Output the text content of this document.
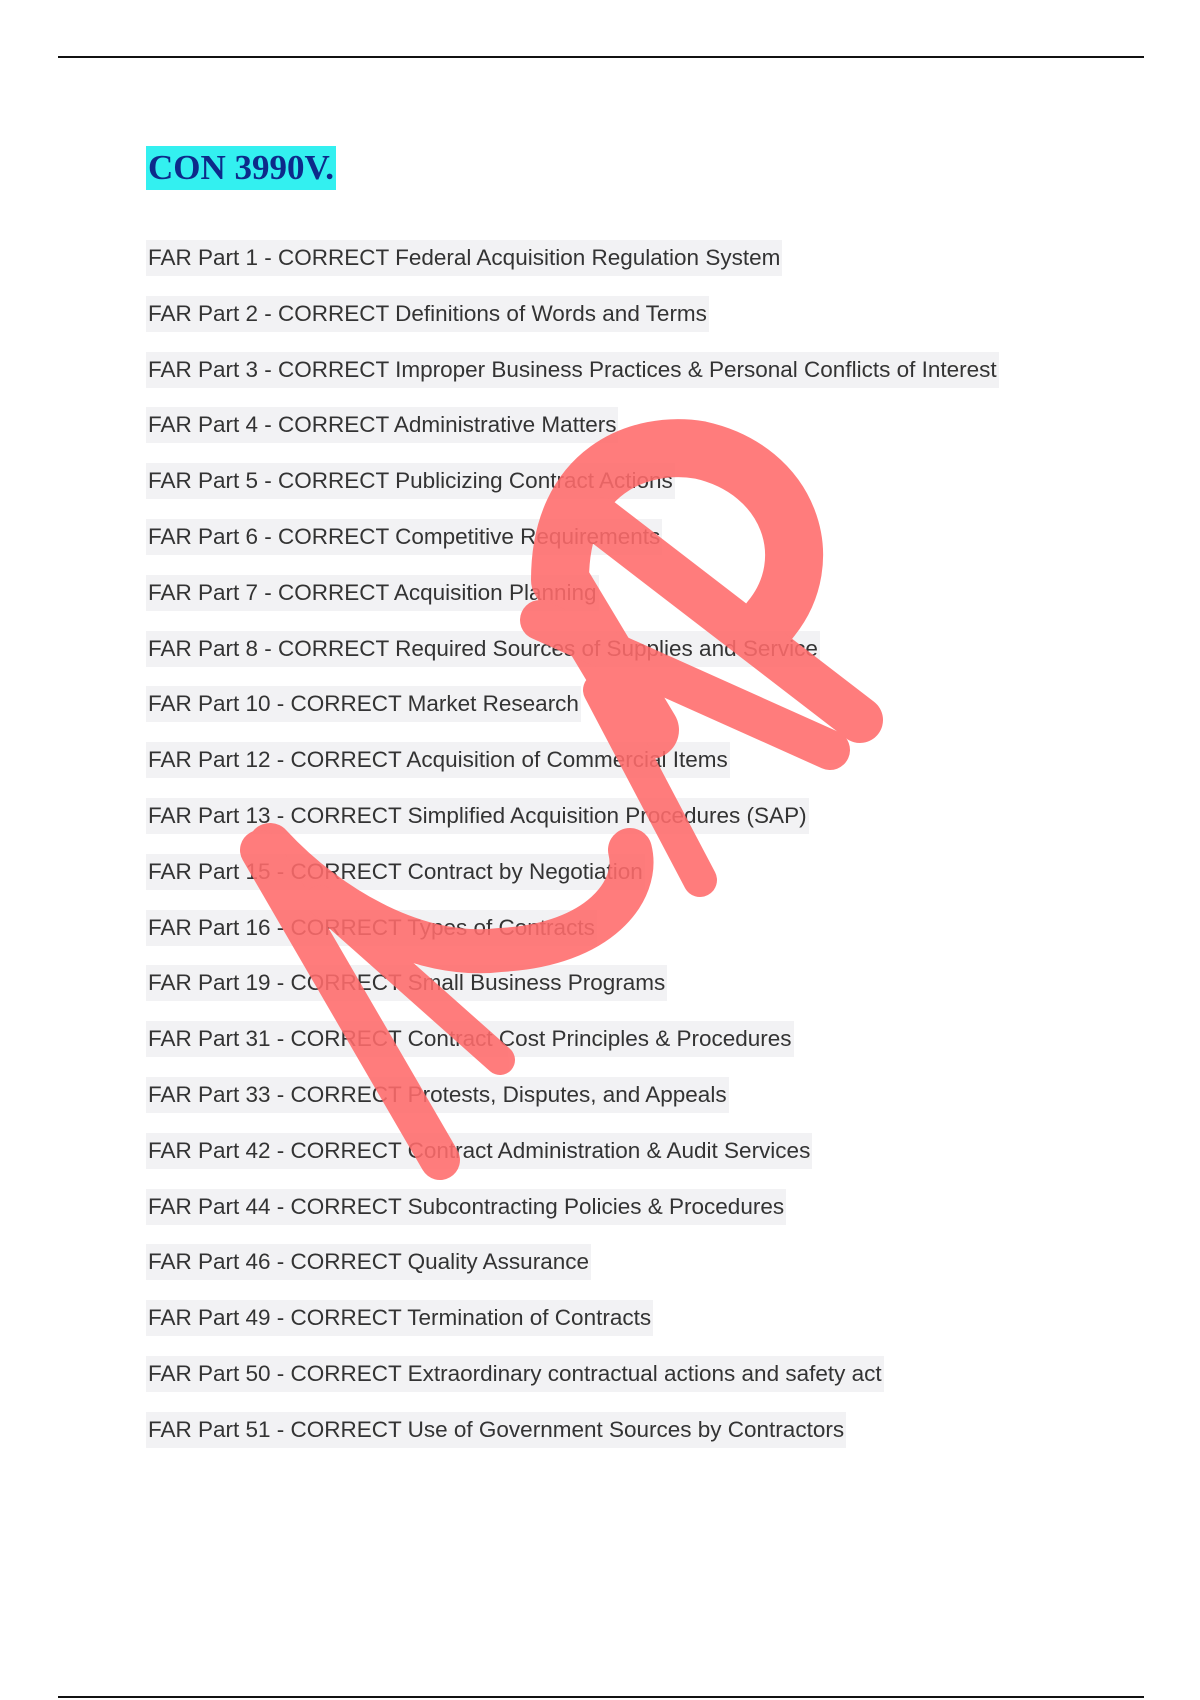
CON 3990V.
FAR Part 1 - CORRECT Federal Acquisition Regulation System
FAR Part 2 - CORRECT Definitions of Words and Terms
FAR Part 3 - CORRECT Improper Business Practices & Personal Conflicts of Interest
FAR Part 4 - CORRECT Administrative Matters
FAR Part 5 - CORRECT Publicizing Contract Actions
FAR Part 6 - CORRECT Competitive Requirements
FAR Part 7 - CORRECT Acquisition Planning
FAR Part 8 - CORRECT Required Sources of Supplies and Service
FAR Part 10 - CORRECT Market Research
FAR Part 12 - CORRECT Acquisition of Commercial Items
FAR Part 13 - CORRECT Simplified Acquisition Procedures (SAP)
FAR Part 15 - CORRECT Contract by Negotiation
FAR Part 16 - CORRECT Types of Contracts
FAR Part 19 - CORRECT Small Business Programs
FAR Part 31 - CORRECT Contract Cost Principles & Procedures
FAR Part 33 - CORRECT Protests, Disputes, and Appeals
FAR Part 42 - CORRECT Contract Administration & Audit Services
FAR Part 44 - CORRECT Subcontracting Policies & Procedures
FAR Part 46 - CORRECT Quality Assurance
FAR Part 49 - CORRECT Termination of Contracts
FAR Part 50 - CORRECT Extraordinary contractual actions and safety act
FAR Part 51 - CORRECT Use of Government Sources by Contractors
